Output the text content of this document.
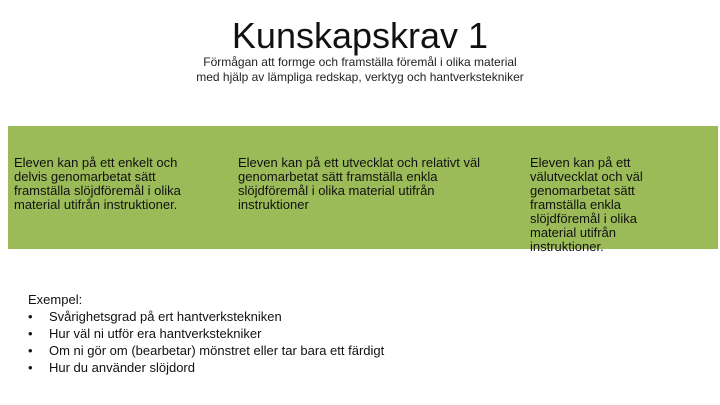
Kunskapskrav 1
Förmågan att formge och framställa föremål i olika material
med hjälp av lämpliga redskap, verktyg och hantverkstekniker
Eleven kan på ett enkelt och
delvis genomarbetat sätt
framställa slöjdföremål i olika
material utifrån instruktioner.
Eleven kan på ett utvecklat och relativt väl
genomarbetat sätt framställa enkla
slöjdföremål i olika material utifrån
instruktioner
Eleven kan på ett
välutvecklat och väl
genomarbetat sätt
framställa enkla
slöjdföremål i olika
material utifrån
instruktioner.

Exempel:

•	Svårighetsgrad på ert hantverkstekniken
•	Hur väl ni utför era hantverkstekniker
•	Om ni gör om (bearbetar) mönstret eller tar bara ett färdigt
•	Hur du använder slöjdord
